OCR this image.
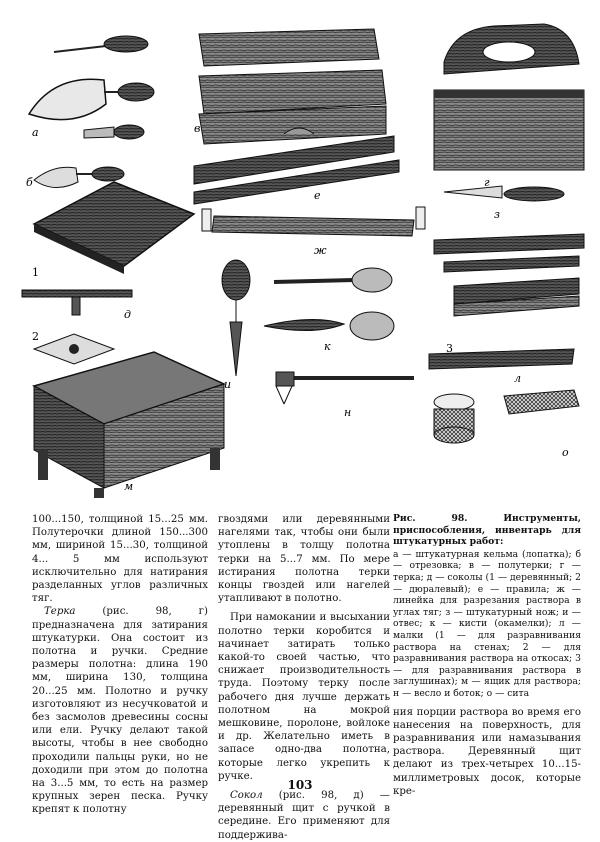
а
б
в
г
д
е
ж
з
и
к
л
м
н
о
1
2
3

100...150, толщиной 15...25 мм. Полутерочки длиной 150...300 мм, шириной 15...30, толщиной 4... 5 мм используют исключительно для натирания разделанных углов различных тяг.

Терка (рис. 98, г) предназначена для затирания штукатурки. Она состоит из полотна и ручки. Средние размеры полотна: длина 190 мм, ширина 130, толщина 20...25 мм. Полотно и ручку изготовляют из несучковатой и без засмолов древесины сосны или ели. Ручку делают такой высоты, чтобы в нее свободно проходили пальцы руки, но не доходили при этом до полотна на 3...5 мм, то есть на размер крупных зерен песка. Ручку крепят к полотну

гвоздями или деревянными нагелями так, чтобы они были утоплены в толщу полотна терки на 5...7 мм. По мере истирания полотна терки концы гвоздей или нагелей утапливают в полотно.

При намокании и высыхании полотно терки коробится и начинает затирать только какой-то своей частью, что снижает производительность труда. Поэтому терку после рабочего дня лучше держать полотном на мокрой мешковине, поролоне, войлоке и др. Желательно иметь в запасе одно-два полотна, которые легко укрепить к ручке.

Сокол (рис. 98, д) — деревянный щит с ручкой в середине. Его применяют для поддержива-

Рис. 98. Инструменты, приспособления, инвентарь для штукатурных работ:

а — штукатурная кельма (лопатка); б — отрезовка; в — полутерки; г — терка; д — соколы (1 — деревянный; 2 — дюралевый); е — правила; ж — линейка для разрезания раствора в углах тяг; з — штукатурный нож; и — отвес; к — кисти (окамелки); л — малки (1 — для разравнивания раствора на стенах; 2 — для разравнивания раствора на откосах; 3 — для разравнивания раствора в заглушинах); м — ящик для раствора; н — весло и боток; о — сита

ния порции раствора во время его нанесения на поверхность, для разравнивания или намазывания раствора. Деревянный щит делают из трех-четырех 10...15-миллиметровых досок, которые кре-

103
